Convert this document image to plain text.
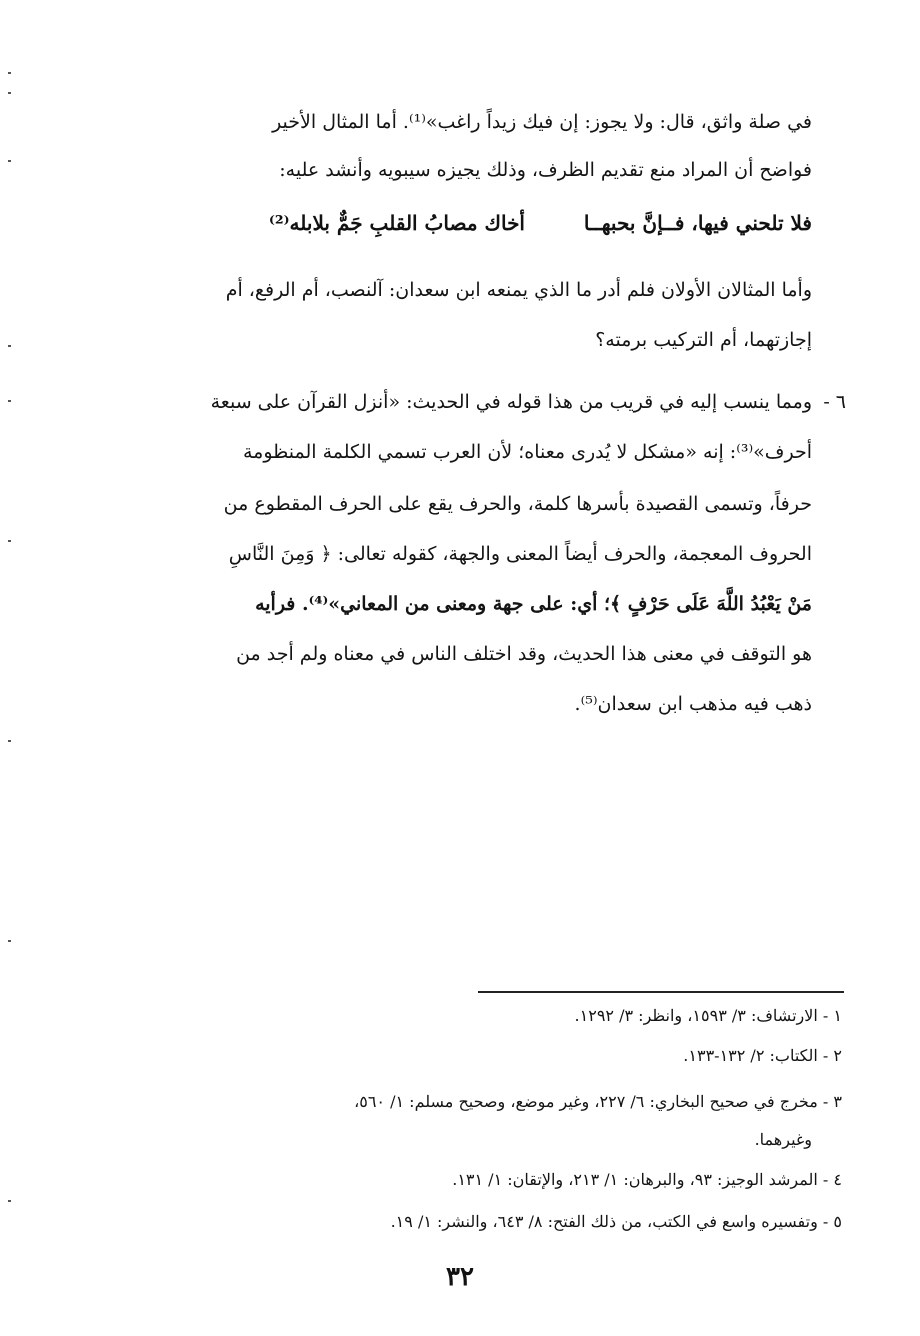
في صلة واثق، قال: ولا يجوز: إن فيك زيداً راغب»⁽¹⁾. أما المثال الأخير
فواضح أن المراد منع تقديم الظرف، وذلك يجيزه سيبويه وأنشد عليه:
فلا تلحني فيها، فــإنَّ بحبهــا
أخاك مصابُ القلبِ جَمٌّ بلابله⁽²⁾
وأما المثالان الأولان فلم أدر ما الذي يمنعه ابن سعدان: آلنصب، أم الرفع، أم
إجازتهما، أم التركيب برمته؟
٦ -
ومما ينسب إليه في قريب من هذا قوله في الحديث: «أنزل القرآن على سبعة
أحرف»⁽³⁾: إنه «مشكل لا يُدرى معناه؛ لأن العرب تسمي الكلمة المنظومة
حرفاً، وتسمى القصيدة بأسرها كلمة، والحرف يقع على الحرف المقطوع من
الحروف المعجمة، والحرف أيضاً المعنى والجهة، كقوله تعالى: ﴿ وَمِنَ النَّاسِ
مَنْ يَعْبُدُ اللَّهَ عَلَى حَرْفٍ ﴾؛ أي: على جهة ومعنى من المعاني»⁽⁴⁾. فرأيه
هو التوقف في معنى هذا الحديث، وقد اختلف الناس في معناه ولم أجد من
ذهب فيه مذهب ابن سعدان⁽⁵⁾.
١ - الارتشاف: ٣/ ١٥٩٣، وانظر: ٣/ ١٢٩٢.
٢ - الكتاب: ٢/ ١٣٢-١٣٣.
٣ - مخرج في صحيح البخاري: ٦/ ٢٢٧، وغير موضع، وصحيح مسلم: ١/ ٥٦٠،
وغيرهما.
٤ - المرشد الوجيز: ٩٣، والبرهان: ١/ ٢١٣، والإتقان: ١/ ١٣١.
٥ - وتفسيره واسع في الكتب، من ذلك الفتح: ٨/ ٦٤٣، والنشر: ١/ ١٩.
٣٢
